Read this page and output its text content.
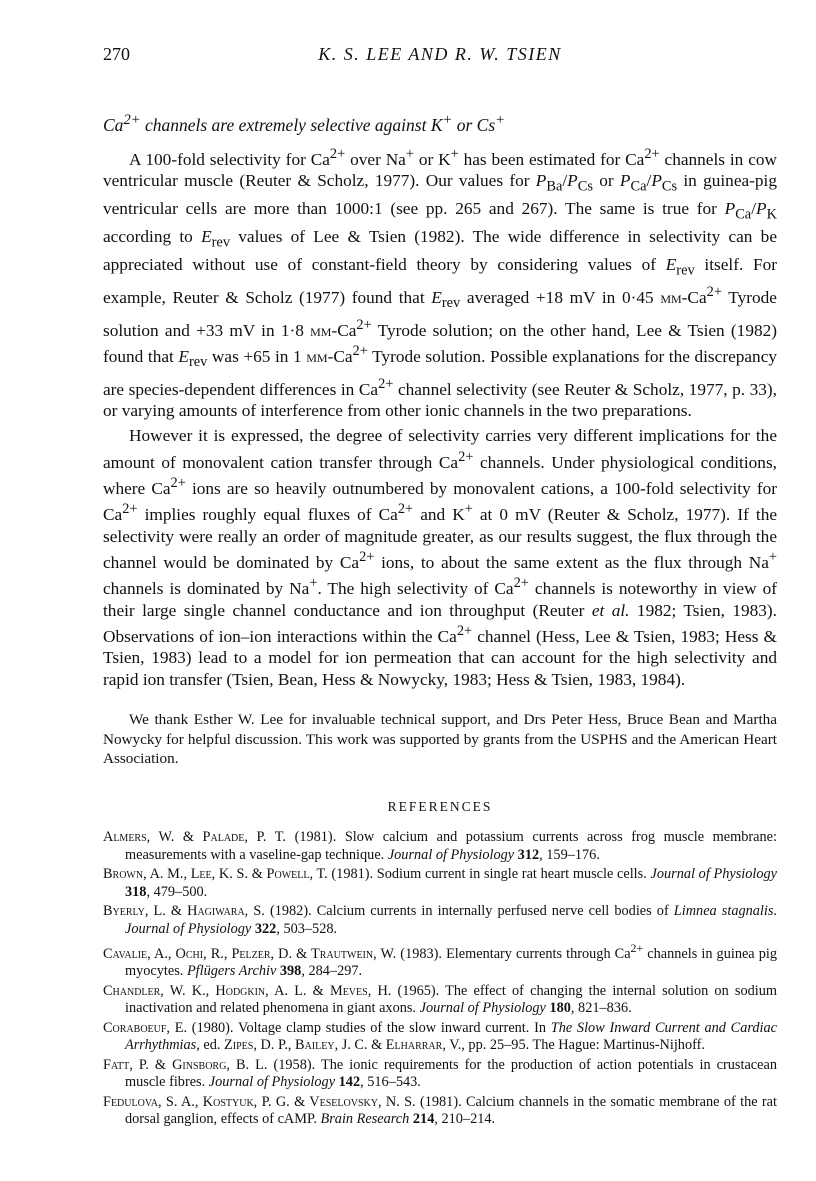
270	K. S. LEE AND R. W. TSIEN

$Ca^{2+}$ channels are extremely selective against K+ or Cs+

A 100-fold selectivity for $Ca^{2+}$ over Na+ or K+ has been estimated for $Ca^{2+}$ channels in cow ventricular muscle (Reuter & Scholz, 1977). Our values for $P_{Ba}/P_{Cs}$ or $P_{Ca}/P_{Cs}$ in guinea-pig ventricular cells are more than 1000:1 (see pp. 265 and 267). The same is true for $P_{Ca}/P_K$ according to $E_{rev}$ values of Lee & Tsien (1982). The wide difference in selectivity can be appreciated without use of constant-field theory by considering values of $E_{rev}$ itself. For example, Reuter & Scholz (1977) found that $E_{rev}$ averaged +18 mV in 0·45 $mm-Ca^{2+}$ Tyrode solution and +33 mV in 1·8 $mm-Ca^{2+}$ Tyrode solution; on the other hand, Lee & Tsien (1982) found that $E_{rev}$ was +65 in 1 $mm-Ca^{2+}$ Tyrode solution. Possible explanations for the discrepancy are species-dependent differences in $Ca^{2+}$ channel selectivity (see Reuter & Scholz, 1977, p. 33), or varying amounts of interference from other ionic channels in the two preparations.

However it is expressed, the degree of selectivity carries very different implications for the amount of monovalent cation transfer through $Ca^{2+}$ channels. Under physiological conditions, where $Ca^{2+}$ ions are so heavily outnumbered by monovalent cations, a 100-fold selectivity for $Ca^{2+}$ implies roughly equal fluxes of $Ca^{2+}$ and K+ at 0 mV (Reuter & Scholz, 1977). If the selectivity were really an order of magnitude greater, as our results suggest, the flux through the channel would be dominated by $Ca^{2+}$ ions, to about the same extent as the flux through Na+ channels is dominated by Na+. The high selectivity of $Ca^{2+}$ channels is noteworthy in view of their large single channel conductance and ion throughput (Reuter et al. 1982; Tsien, 1983). Observations of ion–ion interactions within the $Ca^{2+}$ channel (Hess, Lee & Tsien, 1983; Hess & Tsien, 1983) lead to a model for ion permeation that can account for the high selectivity and rapid ion transfer (Tsien, Bean, Hess & Nowycky, 1983; Hess & Tsien, 1983, 1984).

We thank Esther W. Lee for invaluable technical support, and Drs Peter Hess, Bruce Bean and Martha Nowycky for helpful discussion. This work was supported by grants from the USPHS and the American Heart Association.

REFERENCES

Almers, W. & Palade, P. T. (1981). Slow calcium and potassium currents across frog muscle membrane: measurements with a vaseline-gap technique. Journal of Physiology 312, 159–176.

Brown, A. M., Lee, K. S. & Powell, T. (1981). Sodium current in single rat heart muscle cells. Journal of Physiology 318, 479–500.

Byerly, L. & Hagiwara, S. (1982). Calcium currents in internally perfused nerve cell bodies of Limnea stagnalis. Journal of Physiology 322, 503–528.

Cavalie, A., Ochi, R., Pelzer, D. & Trautwein, W. (1983). Elementary currents through $Ca^{2+}$ channels in guinea pig myocytes. Pflügers Archiv 398, 284–297.

Chandler, W. K., Hodgkin, A. L. & Meves, H. (1965). The effect of changing the internal solution on sodium inactivation and related phenomena in giant axons. Journal of Physiology 180, 821–836.

Coraboeuf, E. (1980). Voltage clamp studies of the slow inward current. In The Slow Inward Current and Cardiac Arrhythmias, ed. Zipes, D. P., Bailey, J. C. & Elharrar, V., pp. 25–95. The Hague: Martinus-Nijhoff.

Fatt, P. & Ginsborg, B. L. (1958). The ionic requirements for the production of action potentials in crustacean muscle fibres. Journal of Physiology 142, 516–543.

Fedulova, S. A., Kostyuk, P. G. & Veselovsky, N. S. (1981). Calcium channels in the somatic membrane of the rat dorsal ganglion, effects of cAMP. Brain Research 214, 210–214.
